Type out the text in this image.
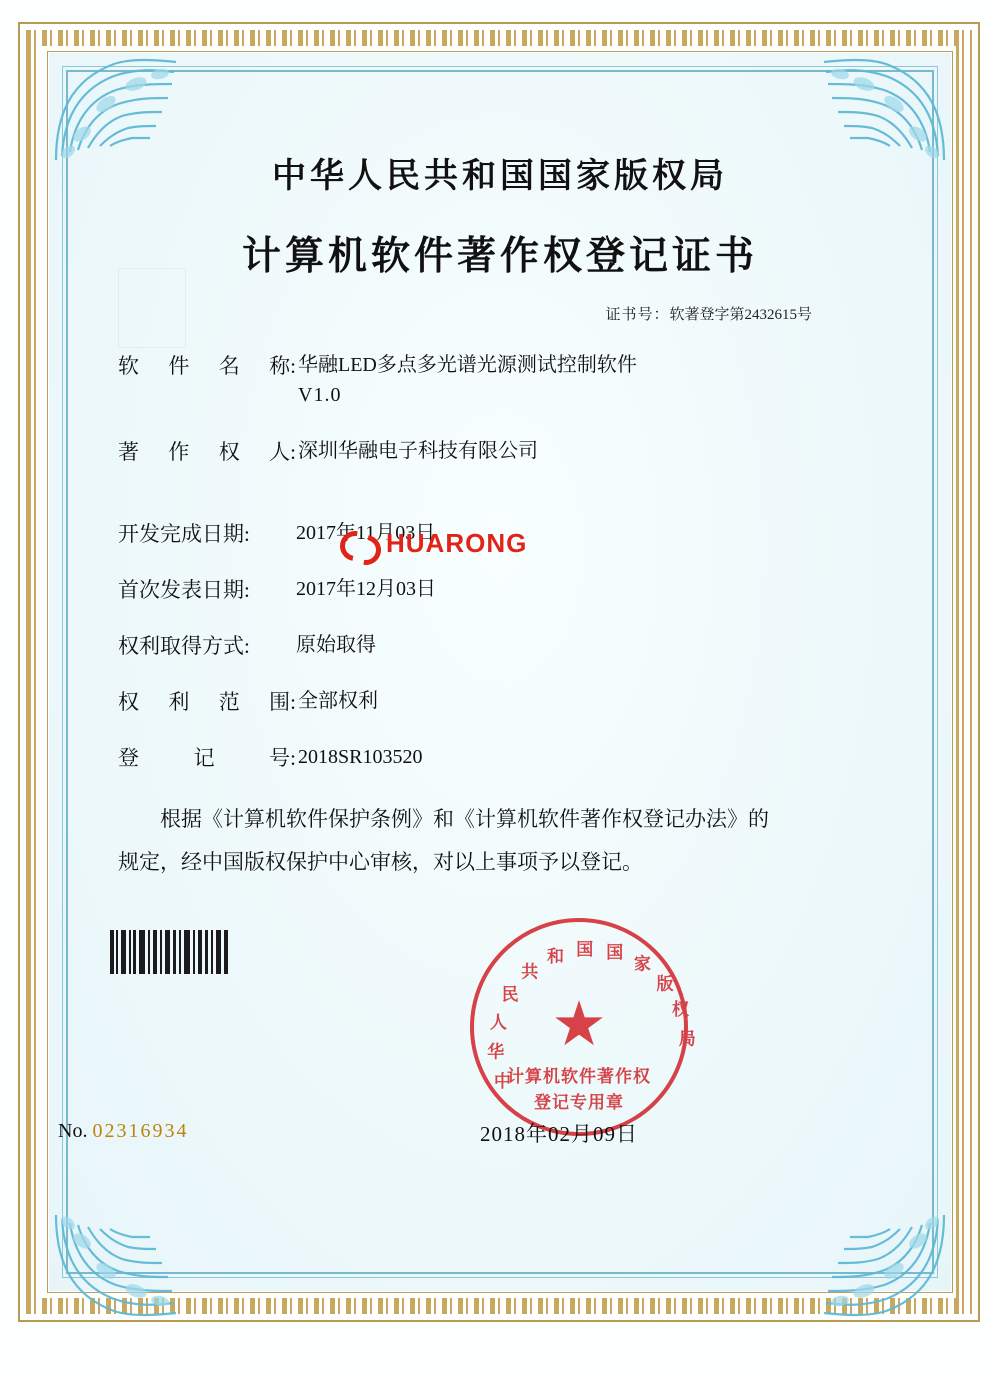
中华人民共和国国家版权局
计算机软件著作权登记证书
证书号：软著登字第2432615号
软 件 名 称: 华融LED多点多光谱光源测试控制软件
V1.0
著 作 权 人: 深圳华融电子科技有限公司
开发完成日期:	2017年11月03日
首次发表日期:	2017年12月03日
权利取得方式:	原始取得
权 利 范 围: 全部权利
登	记	号: 2018SR103520
根据《计算机软件保护条例》和《计算机软件著作权登记办法》的
规定，经中国版权保护中心审核，对以上事项予以登记。
HUARONG
中
华
人
民
共
和 国 国
家
版
权
局
★
计算机软件著作权
登记专用章
2018年02月09日
No. 02316934
